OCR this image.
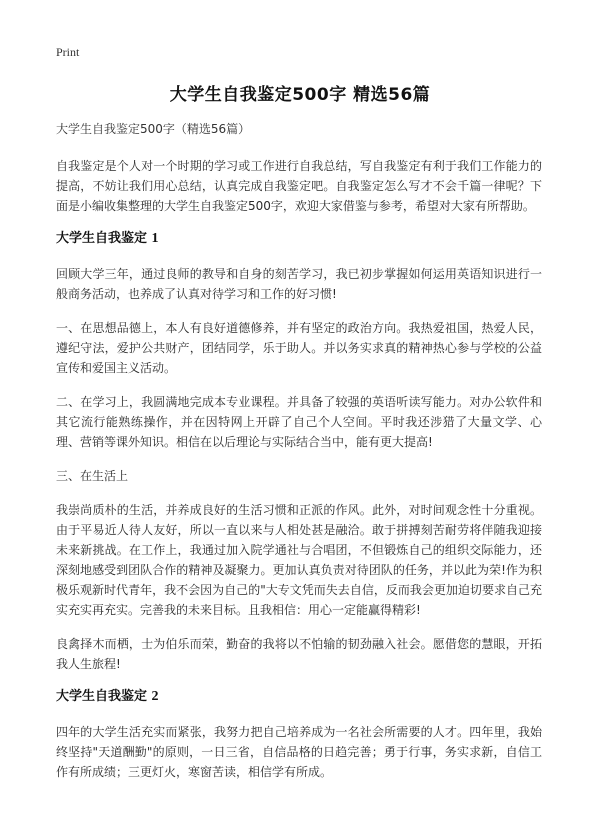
Print
大学生自我鉴定500字 精选56篇

大学生自我鉴定500字（精选56篇）

自我鉴定是个人对一个时期的学习或工作进行自我总结，写自我鉴定有利于我们工作能力的提高，不妨让我们用心总结，认真完成自我鉴定吧。自我鉴定怎么写才不会千篇一律呢？下面是小编收集整理的大学生自我鉴定500字，欢迎大家借鉴与参考，希望对大家有所帮助。

大学生自我鉴定 1

回顾大学三年，通过良师的教导和自身的刻苦学习，我已初步掌握如何运用英语知识进行一般商务活动，也养成了认真对待学习和工作的好习惯!

一、在思想品德上，本人有良好道德修养，并有坚定的政治方向。我热爱祖国，热爱人民，遵纪守法，爱护公共财产，团结同学，乐于助人。并以务实求真的精神热心参与学校的公益宣传和爱国主义活动。

二、在学习上，我圆满地完成本专业课程。并具备了较强的英语听读写能力。对办公软件和其它流行能熟练操作，并在因特网上开辟了自己个人空间。平时我还涉猎了大量文学、心理、营销等课外知识。相信在以后理论与实际结合当中，能有更大提高!

三、在生活上

我崇尚质朴的生活，并养成良好的生活习惯和正派的作风。此外，对时间观念性十分重视。由于平易近人待人友好，所以一直以来与人相处甚是融洽。敢于拼搏刻苦耐劳将伴随我迎接未来新挑战。在工作上，我通过加入院学通社与合唱团，不但锻炼自己的组织交际能力，还深刻地感受到团队合作的精神及凝聚力。更加认真负责对待团队的任务，并以此为荣!作为积极乐观新时代青年，我不会因为自己的"大专文凭而失去自信，反而我会更加迫切要求自己充实充实再充实。完善我的未来目标。且我相信：用心一定能赢得精彩!

良禽择木而栖，士为伯乐而荣，勤奋的我将以不怕输的韧劲融入社会。愿借您的慧眼，开拓我人生旅程!

大学生自我鉴定 2

四年的大学生活充实而紧张，我努力把自己培养成为一名社会所需要的人才。四年里，我始终坚持"天道酬勤"的原则，一日三省，自信品格的日趋完善；勇于行事，务实求新，自信工作有所成绩；三更灯火，寒窗苦读，相信学有所成。
